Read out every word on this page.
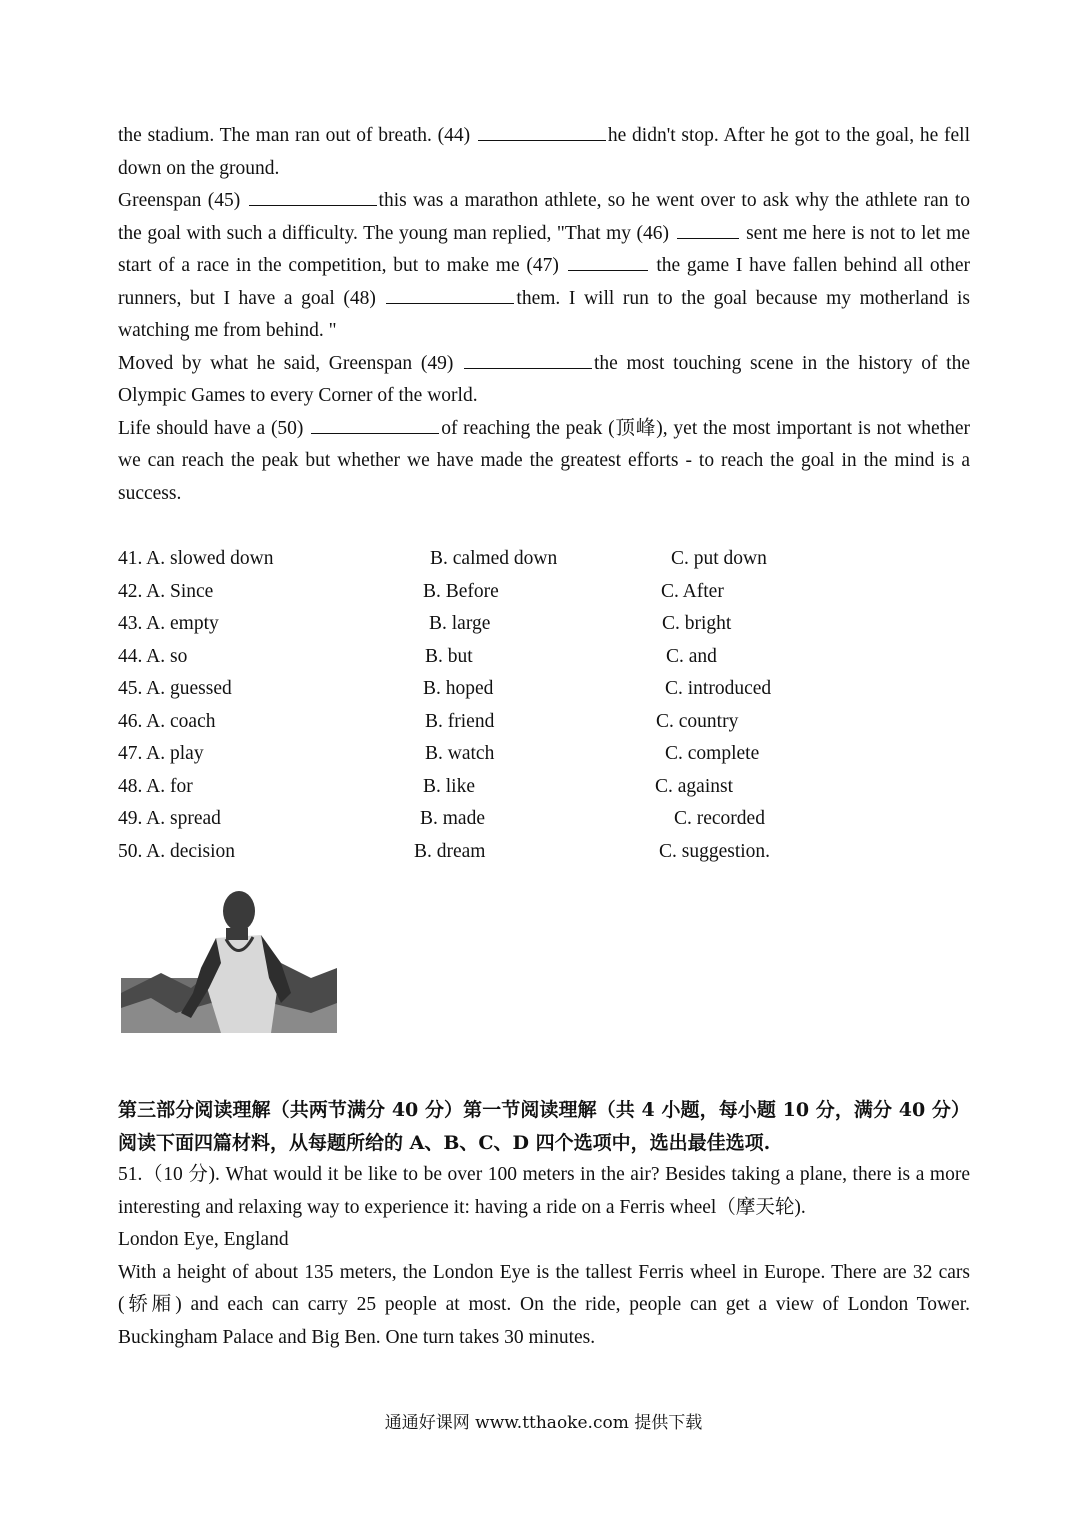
the stadium. The man ran out of breath. (44)	he didn't stop. After he got to the goal, he fell down on the ground.

Greenspan (45)	this was a marathon athlete, so he went over to ask why the athlete ran to the goal with such a difficulty. The young man replied, "That my (46)	sent me here is not to let me start of a race in the competition, but to make me (47)	the game I have fallen behind all other runners, but I have a goal (48)	them. I will run to the goal because my motherland is watching me from behind. "

Moved by what he said, Greenspan (49)	the most touching scene in the history of the Olympic Games to every Corner of the world.

Life should have a (50)	of reaching the peak (顶峰), yet the most important is not whether we can reach the peak but whether we have made the greatest efforts - to reach the goal in the mind is a success.

41. A. slowed down	B. calmed down	C. put down
42. A. Since	B. Before	C. After
43. A. empty	B. large	C. bright
44. A. so	B. but	C. and
45. A. guessed	B. hoped	C. introduced
46. A. coach	B. friend	C. country
47. A. play	B. watch	C. complete
48. A. for	B. like	C. against
49. A. spread	B. made	C. recorded
50. A. decision	B. dream	C. suggestion.

第三部分阅读理解（共两节满分 40 分）第一节阅读理解（共 4 小题，每小题 10 分，满分 40 分）阅读下面四篇材料，从每题所给的 A、B、C、D 四个选项中，选出最佳选项.

51.（10 分). What would it be like to be over 100 meters in the air? Besides taking a plane, there is a more interesting and relaxing way to experience it: having a ride on a Ferris wheel（摩天轮).

London Eye, England

With a height of about 135 meters, the London Eye is the tallest Ferris wheel in Europe. There are 32 cars (轿厢) and each can carry 25 people at most. On the ride, people can get a view of London Tower. Buckingham Palace and Big Ben. One turn takes 30 minutes.

通通好课网 www.tthaoke.com 提供下载
